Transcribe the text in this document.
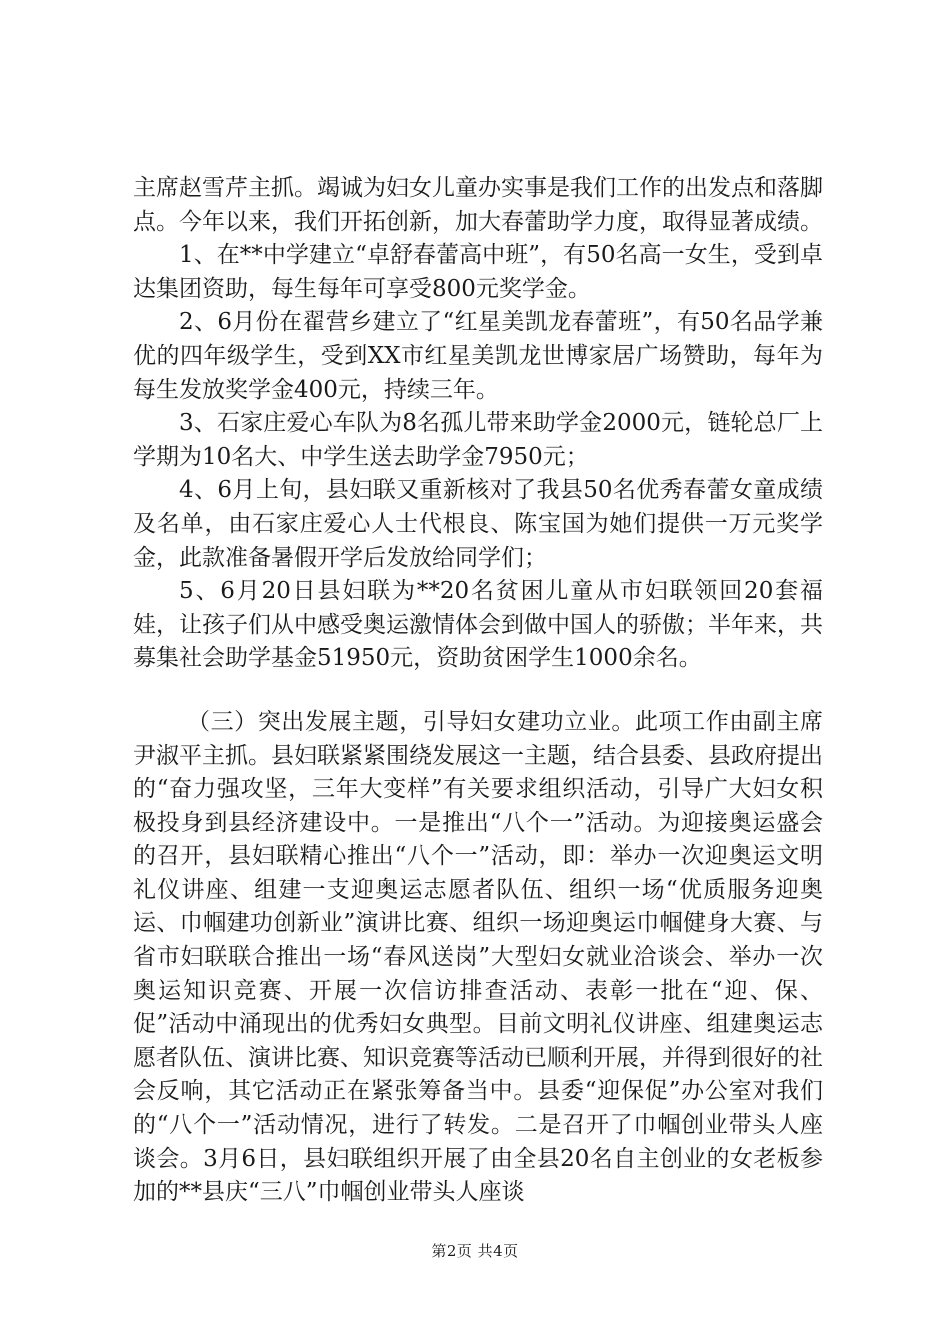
主席赵雪芹主抓。竭诚为妇女儿童办实事是我们工作的出发点和落脚点。今年以来，我们开拓创新，加大春蕾助学力度，取得显著成绩。

1、在**中学建立“卓舒春蕾高中班”，有50名高一女生，受到卓达集团资助，每生每年可享受800元奖学金。

2、6月份在翟营乡建立了“红星美凯龙春蕾班”，有50名品学兼优的四年级学生，受到XX市红星美凯龙世博家居广场赞助，每年为每生发放奖学金400元，持续三年。

3、石家庄爱心车队为8名孤儿带来助学金2000元，链轮总厂上学期为10名大、中学生送去助学金7950元；

4、6月上旬，县妇联又重新核对了我县50名优秀春蕾女童成绩及名单，由石家庄爱心人士代根良、陈宝国为她们提供一万元奖学金，此款准备暑假开学后发放给同学们；

5、6月20日县妇联为**20名贫困儿童从市妇联领回20套福娃，让孩子们从中感受奥运激情体会到做中国人的骄傲；半年来，共募集社会助学基金51950元，资助贫困学生1000余名。

（三）突出发展主题，引导妇女建功立业。此项工作由副主席尹淑平主抓。县妇联紧紧围绕发展这一主题，结合县委、县政府提出的“奋力强攻坚，三年大变样”有关要求组织活动，引导广大妇女积极投身到县经济建设中。一是推出“八个一”活动。为迎接奥运盛会的召开，县妇联精心推出“八个一”活动，即：举办一次迎奥运文明礼仪讲座、组建一支迎奥运志愿者队伍、组织一场“优质服务迎奥运、巾帼建功创新业”演讲比赛、组织一场迎奥运巾帼健身大赛、与省市妇联联合推出一场“春风送岗”大型妇女就业洽谈会、举办一次奥运知识竞赛、开展一次信访排查活动、表彰一批在“迎、保、促”活动中涌现出的优秀妇女典型。目前文明礼仪讲座、组建奥运志愿者队伍、演讲比赛、知识竞赛等活动已顺利开展，并得到很好的社会反响，其它活动正在紧张筹备当中。县委“迎保促”办公室对我们的“八个一”活动情况，进行了转发。二是召开了巾帼创业带头人座谈会。3月6日，县妇联组织开展了由全县20名自主创业的女老板参加的**县庆“三八”巾帼创业带头人座谈

第2页 共4页
